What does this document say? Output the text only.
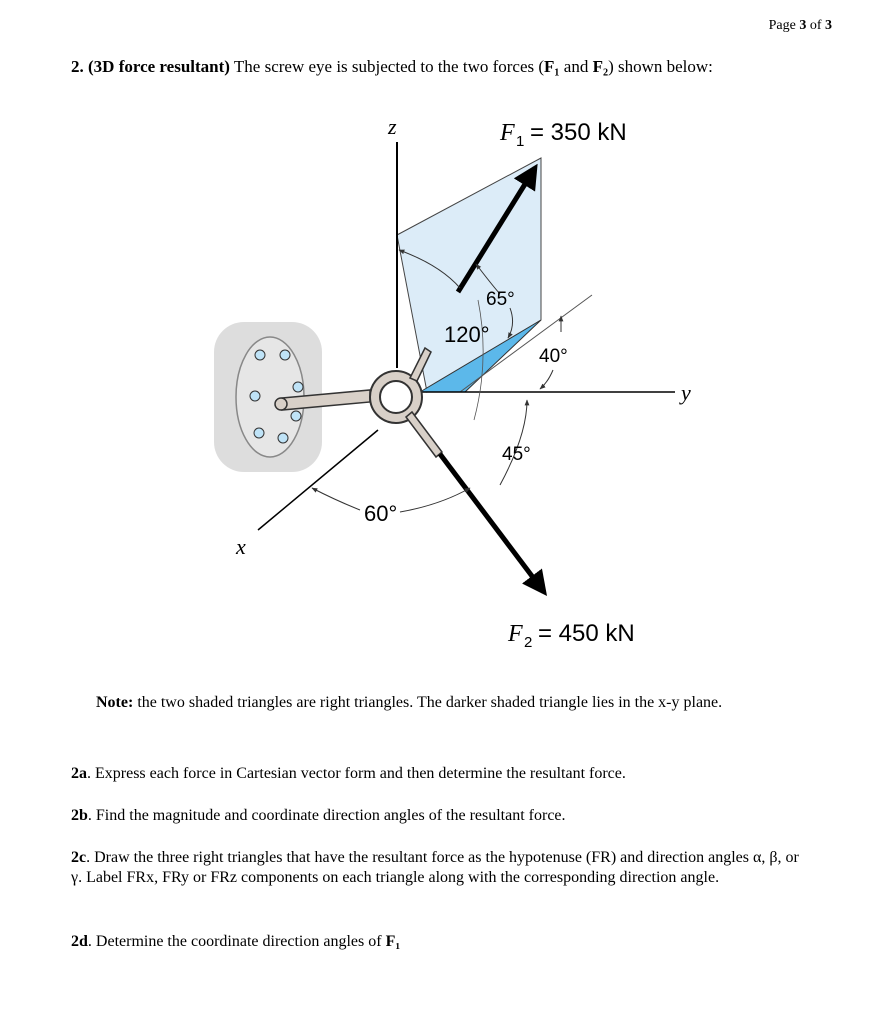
Page 3 of 3
2. (3D force resultant) The screw eye is subjected to the two forces (F₁ and F₂) shown below:
z
y
x
F 1 = 350 kN
F 2 = 450 kN
65°
120°
40°
45°
60°
Note: the two shaded triangles are right triangles. The darker shaded triangle lies in the x-y plane.
2a. Express each force in Cartesian vector form and then determine the resultant force.
2b. Find the magnitude and coordinate direction angles of the resultant force.
2c. Draw the three right triangles that have the resultant force as the hypotenuse (FR) and direction angles α, β, or γ. Label FRx, FRy or FRz components on each triangle along with the corresponding direction angle.
2d. Determine the coordinate direction angles of F₁
